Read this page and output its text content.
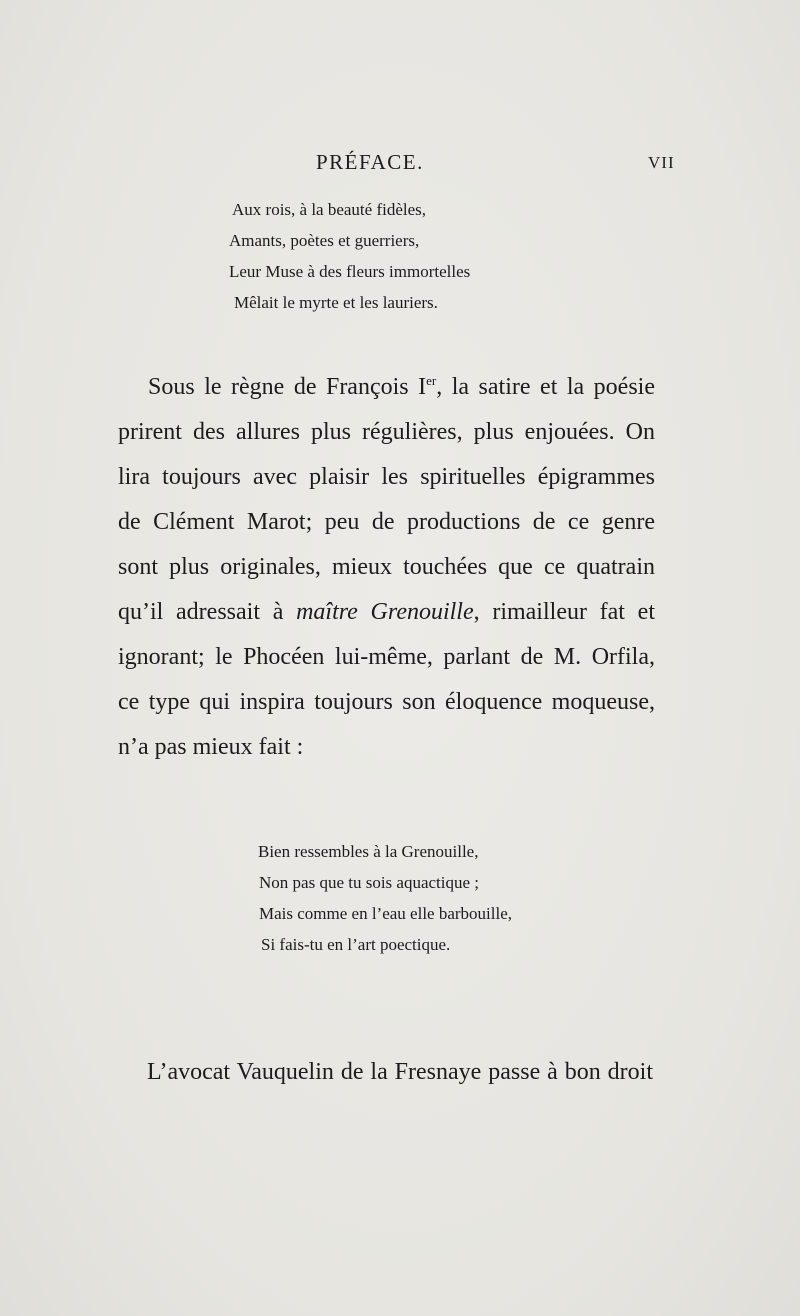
PRÉFACE.	VII
Aux rois, à la beauté fidèles,
Amants, poètes et guerriers,
Leur Muse à des fleurs immortelles
Mêlait le myrte et les lauriers.
Sous le règne de François Ier, la satire et la poésie
prirent des allures plus régulières, plus enjouées. On
lira toujours avec plaisir les spirituelles épigrammes
de Clément Marot; peu de productions de ce genre
sont plus originales, mieux touchées que ce quatrain
qu’il adressait à maître Grenouille, rimailleur fat et
ignorant; le Phocéen lui-même, parlant de M. Orfila,
ce type qui inspira toujours son éloquence moqueuse,
n’a pas mieux fait :
Bien ressembles à la Grenouille,
Non pas que tu sois aquactique ;
Mais comme en l’eau elle barbouille,
Si fais-tu en l’art poectique.
L’avocat Vauquelin de la Fresnaye passe à bon droit
